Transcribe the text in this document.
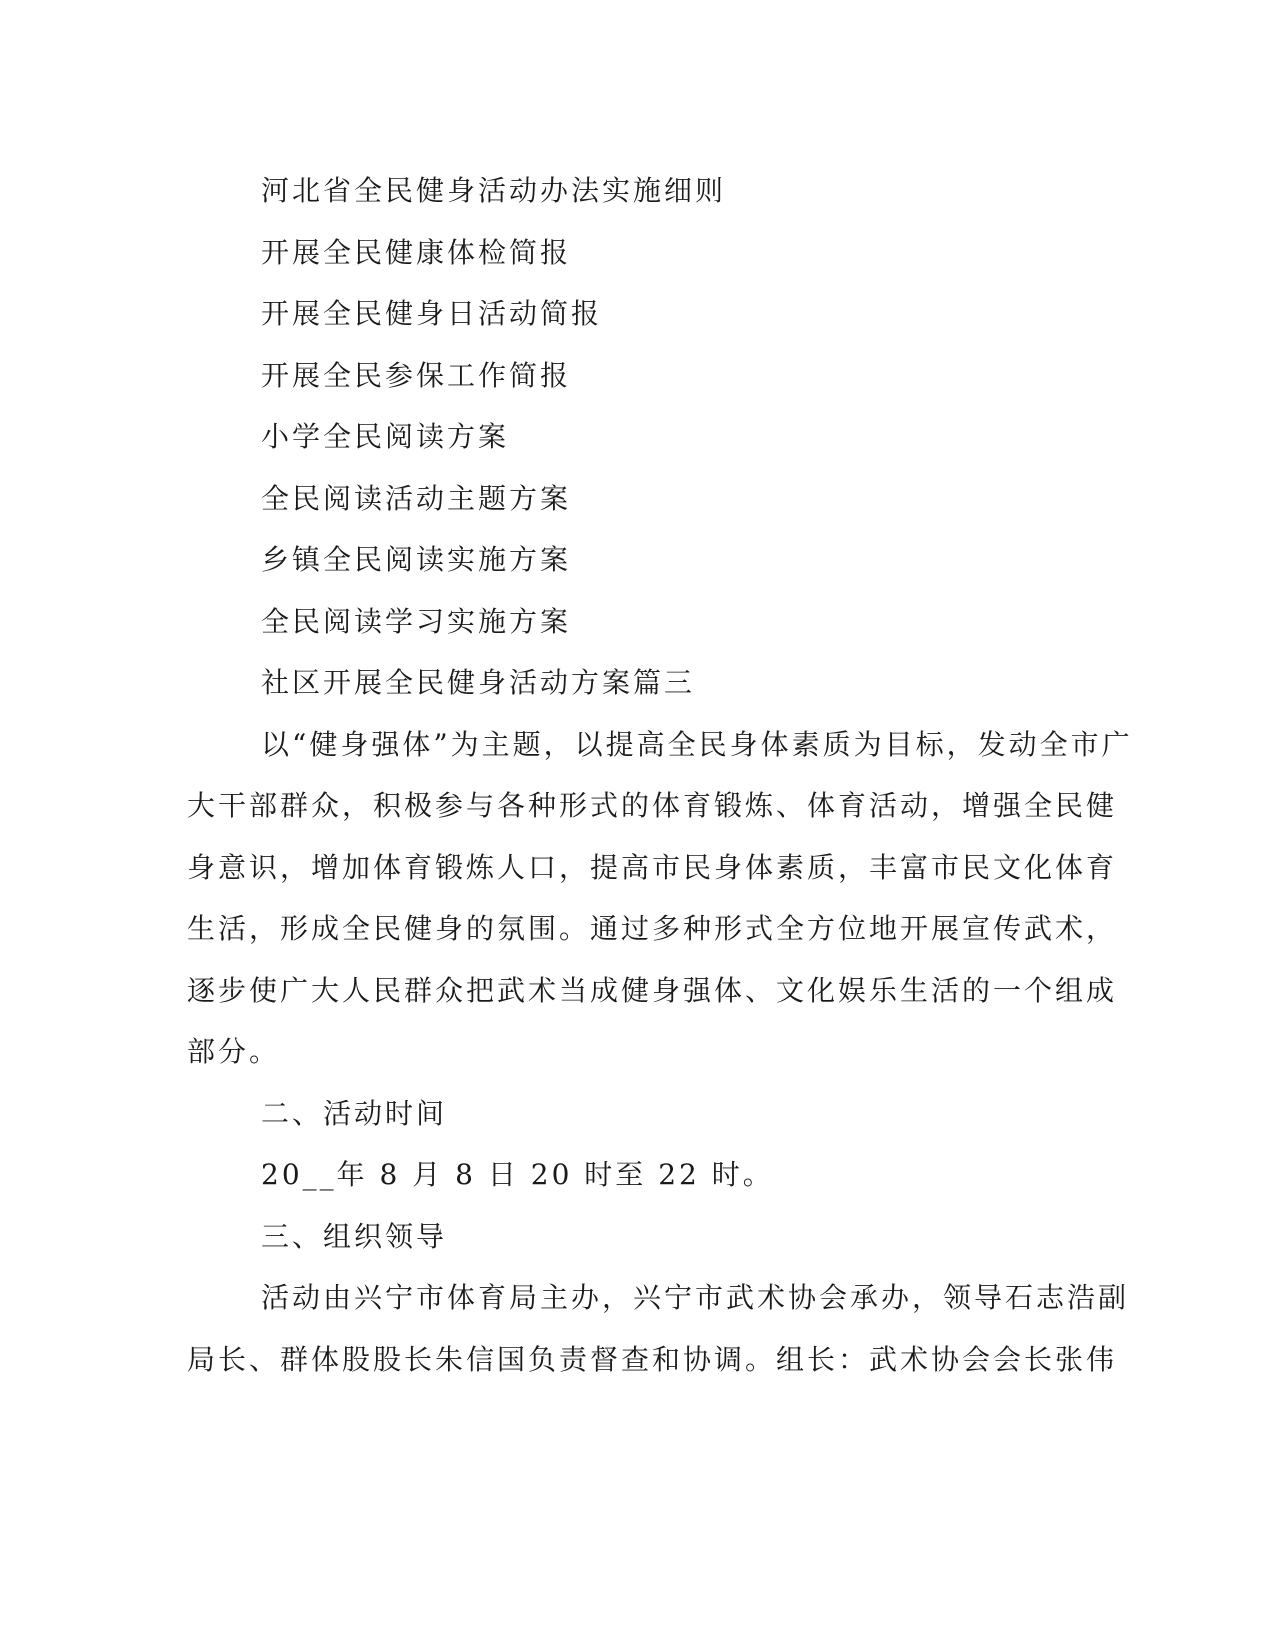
河北省全民健身活动办法实施细则

开展全民健康体检简报

开展全民健身日活动简报

开展全民参保工作简报

小学全民阅读方案

全民阅读活动主题方案

乡镇全民阅读实施方案

全民阅读学习实施方案

社区开展全民健身活动方案篇三

以“健身强体”为主题，以提高全民身体素质为目标，发动全市广

大干部群众，积极参与各种形式的体育锻炼、体育活动，增强全民健

身意识，增加体育锻炼人口，提高市民身体素质，丰富市民文化体育

生活，形成全民健身的氛围。通过多种形式全方位地开展宣传武术，

逐步使广大人民群众把武术当成健身强体、文化娱乐生活的一个组成

部分。

二、活动时间

20__年 8 月 8 日 20 时至 22 时。

三、组织领导

活动由兴宁市体育局主办，兴宁市武术协会承办，领导石志浩副

局长、群体股股长朱信国负责督查和协调。组长：武术协会会长张伟
